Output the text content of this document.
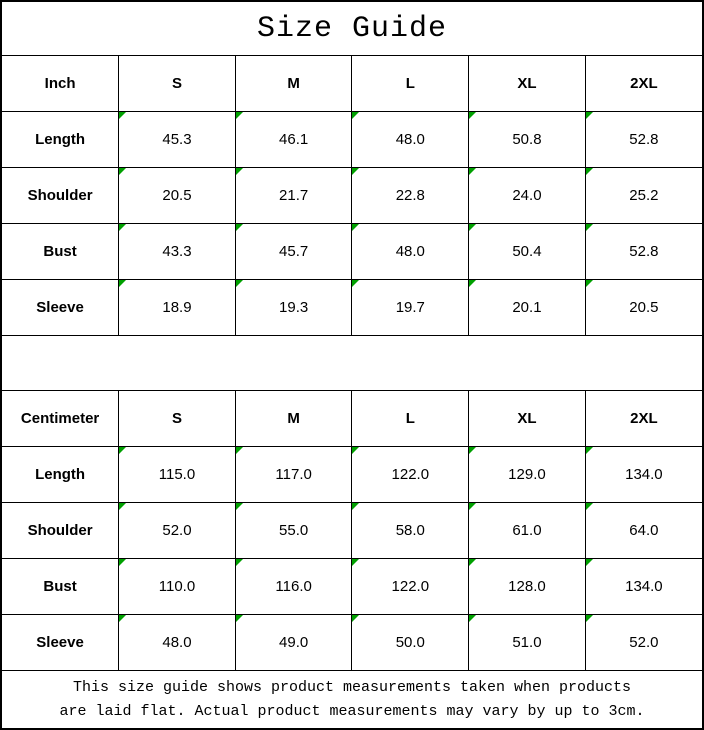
Size Guide
Inch	S	M	L	XL	2XL
Length	45.3	46.1	48.0	50.8	52.8
Shoulder	20.5	21.7	22.8	24.0	25.2
Bust	43.3	45.7	48.0	50.4	52.8
Sleeve	18.9	19.3	19.7	20.1	20.5
Centimeter	S	M	L	XL	2XL
Length	115.0	117.0	122.0	129.0	134.0
Shoulder	52.0	55.0	58.0	61.0	64.0
Bust	110.0	116.0	122.0	128.0	134.0
Sleeve	48.0	49.0	50.0	51.0	52.0
This size guide shows product measurements taken when products
are laid flat. Actual product measurements may vary by up to 3cm.
